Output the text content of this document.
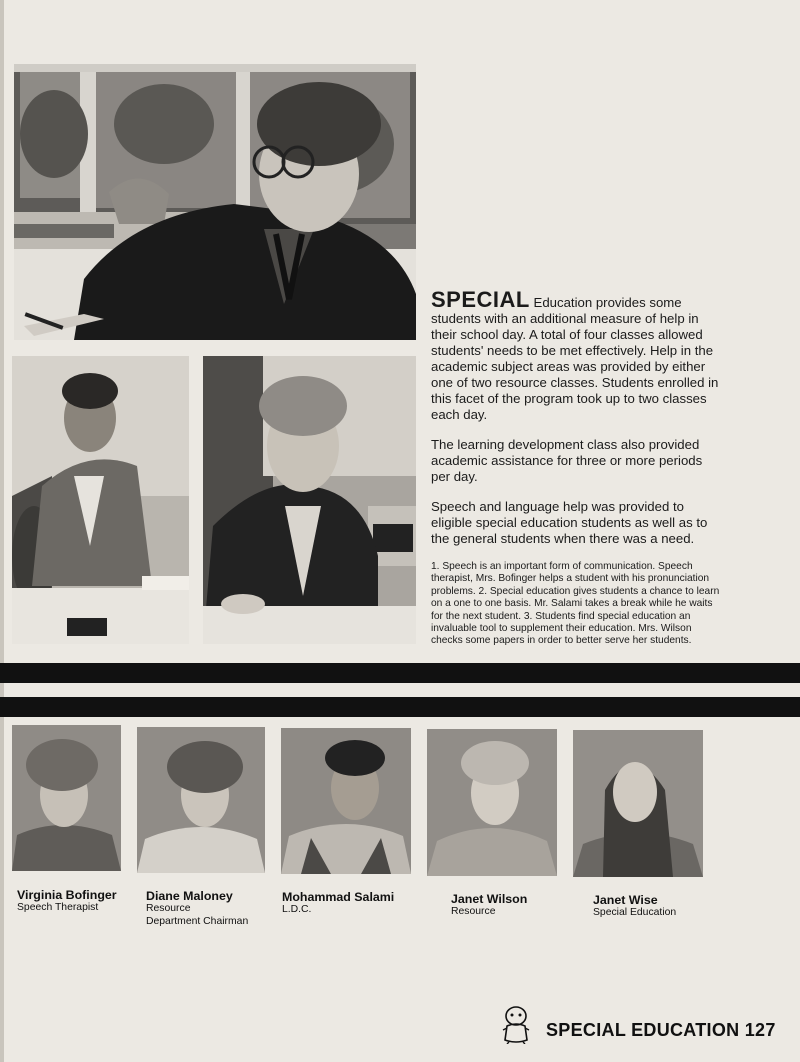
SPECIAL Education provides some students with an additional measure of help in their school day. A total of four classes allowed students' needs to be met effectively. Help in the academic subject areas was provided by either one of two resource classes. Students enrolled in this facet of the program took up to two classes each day.

The learning development class also provided academic assistance for three or more periods per day.

Speech and language help was provided to eligible special education students as well as to the general students when there was a need.

1. Speech is an important form of communication. Speech therapist, Mrs. Bofinger helps a student with his pronunciation problems. 2. Special education gives students a chance to learn on a one to one basis. Mr. Salami takes a break while he waits for the next student. 3. Students find special education an invaluable tool to supplement their education. Mrs. Wilson checks some papers in order to better serve her students.
Virginia Bofinger
Speech Therapist
Diane Maloney
Resource
Department Chairman
Mohammad Salami
L.D.C.
Janet Wilson
Resource
Janet Wise
Special Education
SPECIAL EDUCATION 127
